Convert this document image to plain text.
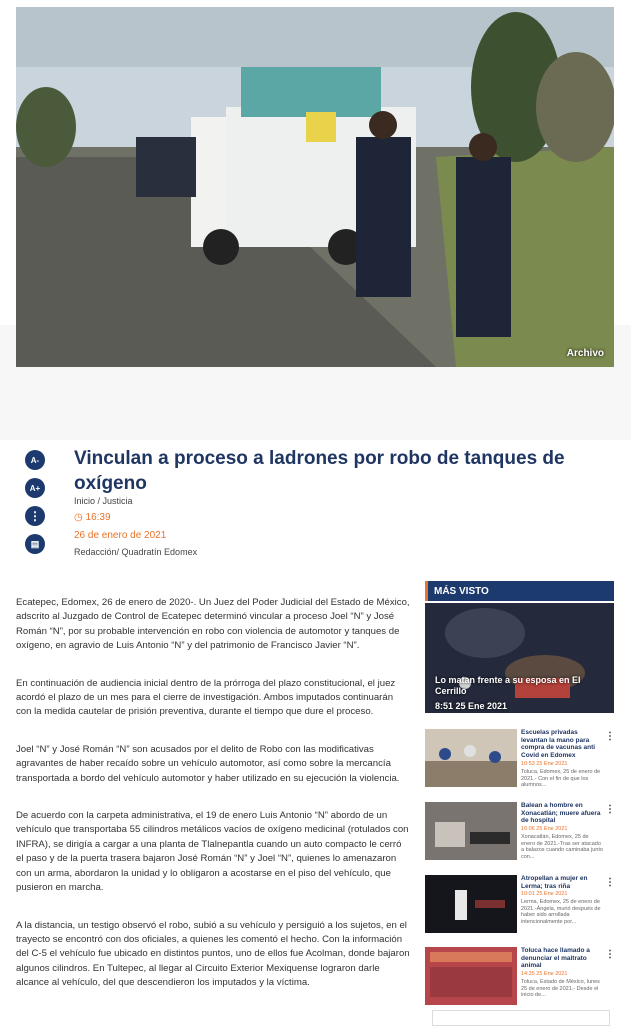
Archivo
A-
A+
⋮
▤
Vinculan a proceso a ladrones por robo de tanques de oxígeno
Inicio / Justicia
◷ 16:39
26 de enero de 2021
Redacción/ Quadratín Edomex

Ecatepec, Edomex, 26 de enero de 2020-. Un Juez del Poder Judicial del Estado de México, adscrito al Juzgado de Control de Ecatepec determinó vincular a proceso Joel “N” y José Román “N”, por su probable intervención en robo con violencia de automotor y tanques de oxígeno, en agravio de Luis Antonio “N” y del patrimonio de Francisco Javier “N”.

En continuación de audiencia inicial dentro de la prórroga del plazo constitucional, el juez acordó el plazo de un mes para el cierre de investigación. Ambos imputados continuarán con la medida cautelar de prisión preventiva, durante el tiempo que dure el proceso.

Joel “N” y José Román “N” son acusados por el delito de Robo con las modificativas agravantes de haber recaído sobre un vehículo automotor, así como sobre la mercancía transportada a bordo del vehículo automotor y haber utilizado en su ejecución la violencia.

De acuerdo con la carpeta administrativa, el 19 de enero Luis Antonio “N” abordo de un vehículo que transportaba 55 cilindros metálicos vacíos de oxígeno medicinal (rotulados con INFRA), se dirigía a cargar a una planta de Tlalnepantla cuando un auto compacto le cerró el paso y de la puerta trasera bajaron José Román “N” y Joel “N”, quienes lo amenazaron con un arma, abordaron la unidad y lo obligaron a acostarse en el piso del vehículo, que pusieron en marcha.

A la distancia, un testigo observó el robo, subió a su vehículo y persiguió a los sujetos, en el trayecto se encontró con dos oficiales, a quienes les comentó el hecho. Con la información del C-5 el vehículo fue ubicado en distintos puntos, uno de ellos fue Acolman, donde bajaron algunos cilindros. En Tultepec, al llegar al Circuito Exterior Mexiquense lograron darle alcance al vehículo, del que descendieron los imputados y la víctima.

MÁS VISTO
Lo matan frente a su esposa en El Cerrillo
8:51 25 Ene 2021
Escuelas privadas levantan la mano para compra de vacunas anti Covid en Edomex
10:53 25 Ene 2021
Toluca, Edomex, 25 de enero de 2021.- Con el fin de que los alumnos...
⋮
Balean a hombre en Xonacatlán; muere afuera de hospital
16:06 25 Ene 2021
Xonacatlán, Edomex, 25 de enero de 2021.-Tras ser atacado a balazos cuando caminaba junto con...
⋮
Atropellan a mujer en Lerma; tras riña
10:01 25 Ene 2021
Lerma, Edomex, 25 de enero de 2021.-Ángela, murió después de haber sido arrollada intencionalmente por...
⋮
Toluca hace llamado a denunciar el maltrato animal
14:35 25 Ene 2021
Toluca, Estado de México, lunes 25 de enero de 2021.- Desde el inicio de...
⋮
